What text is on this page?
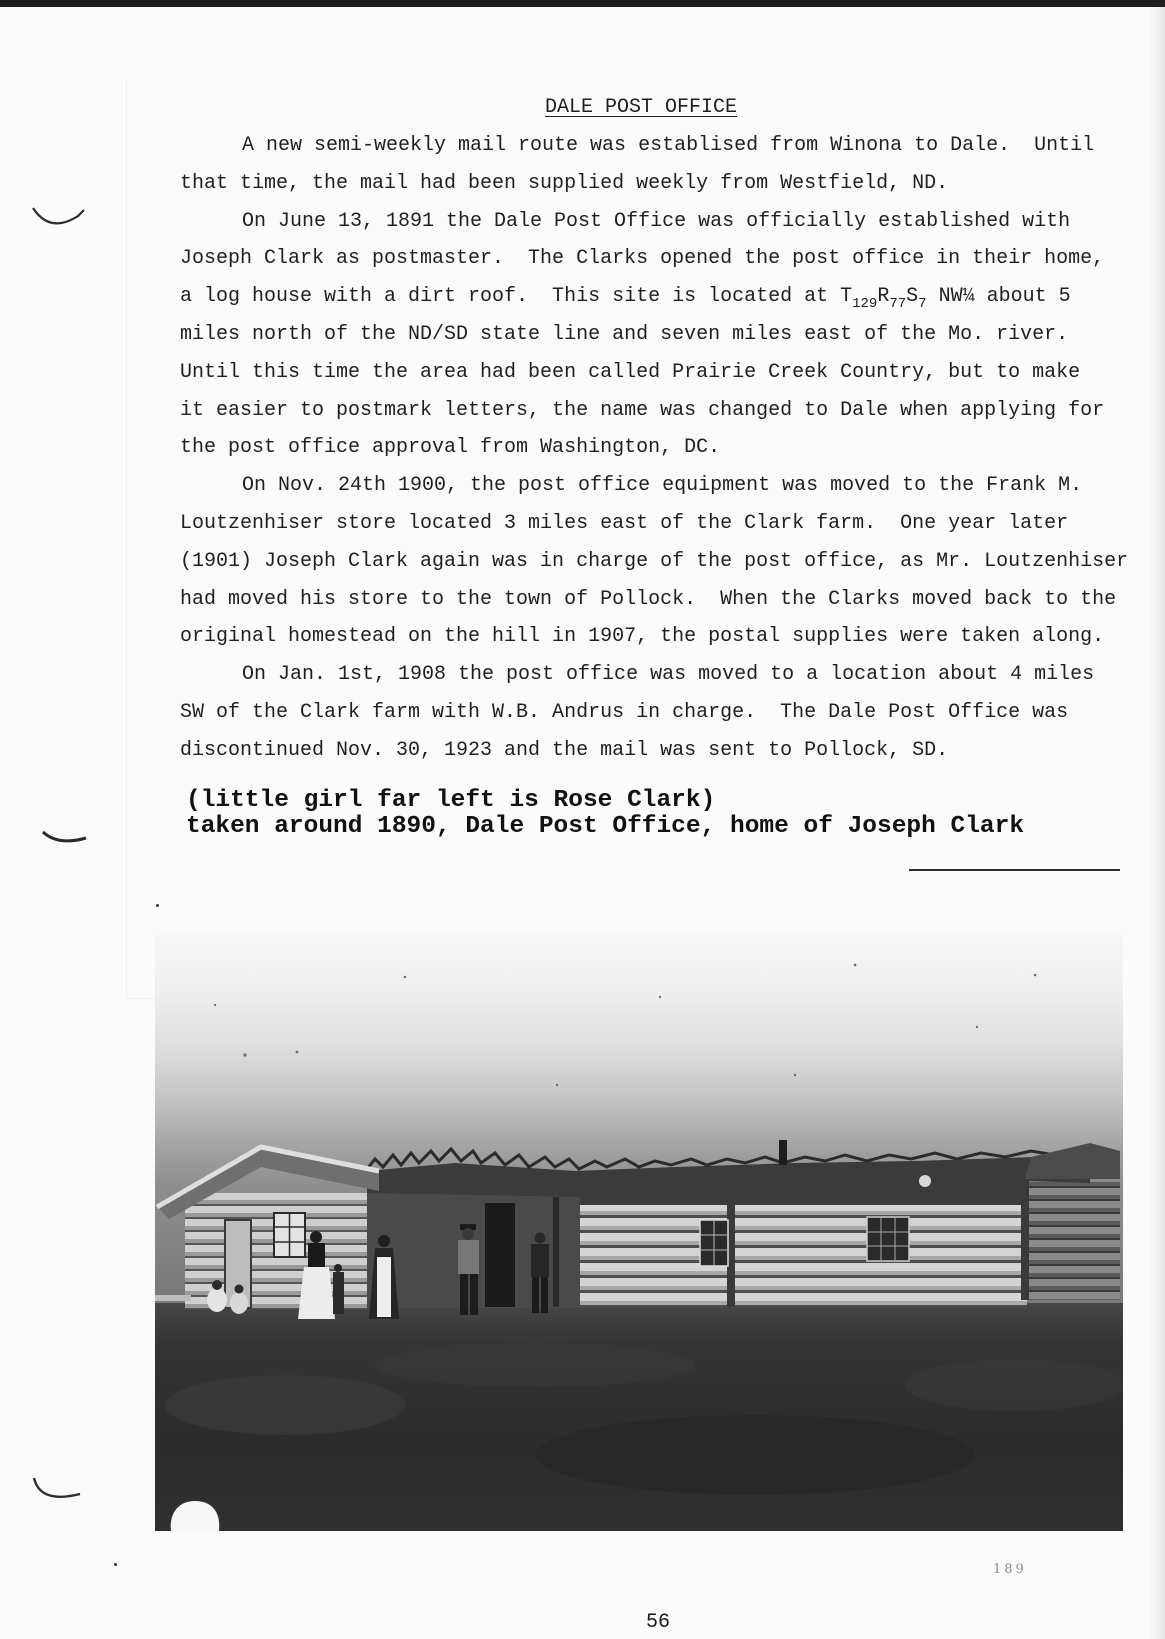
DALE POST OFFICE
A new semi-weekly mail route was establised from Winona to Dale.  Until
that time, the mail had been supplied weekly from Westfield, ND.
On June 13, 1891 the Dale Post Office was officially established with
Joseph Clark as postmaster.  The Clarks opened the post office in their home,
a log house with a dirt roof.  This site is located at $T_{129}R_{77}S_7$ NW¼ about 5
miles north of the ND/SD state line and seven miles east of the Mo. river.
Until this time the area had been called Prairie Creek Country, but to make
it easier to postmark letters, the name was changed to Dale when applying for
the post office approval from Washington, DC.
On Nov. 24th 1900, the post office equipment was moved to the Frank M.
Loutzenhiser store located 3 miles east of the Clark farm.  One year later
(1901) Joseph Clark again was in charge of the post office, as Mr. Loutzenhiser
had moved his store to the town of Pollock.  When the Clarks moved back to the
original homestead on the hill in 1907, the postal supplies were taken along.
On Jan. 1st, 1908 the post office was moved to a location about 4 miles
SW of the Clark farm with W.B. Andrus in charge.  The Dale Post Office was
discontinued Nov. 30, 1923 and the mail was sent to Pollock, SD.
(little girl far left is Rose Clark)
taken around 1890, Dale Post Office, home of Joseph Clark
189
56
